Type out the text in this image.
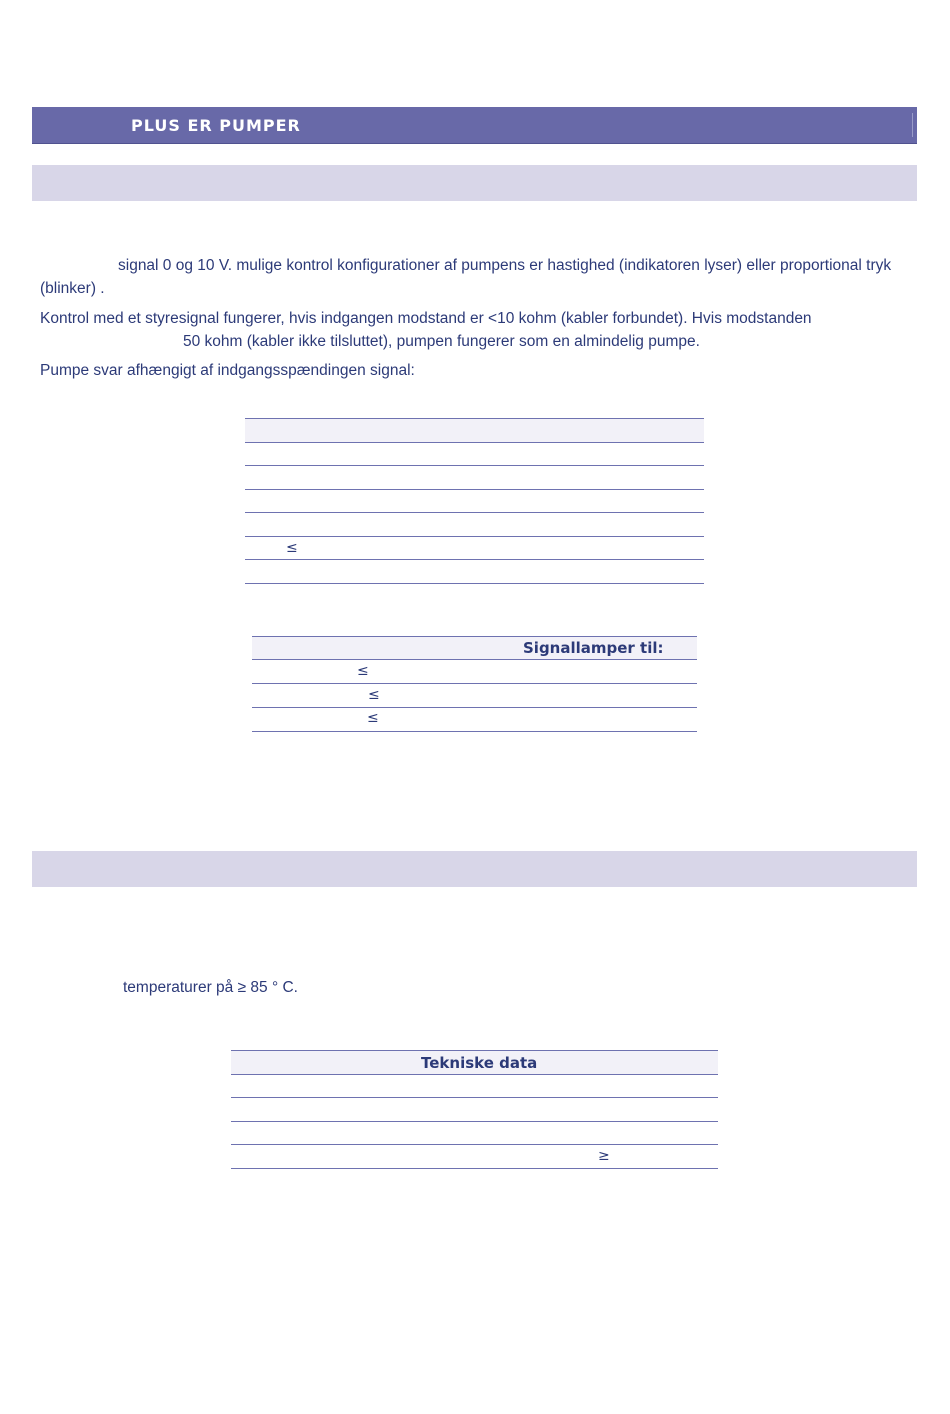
PLUS ER PUMPER
signal 0 og 10 V. mulige kontrol konfigurationer af pumpens er hastighed (indikatoren lyser) eller proportional tryk (blinker) .
Kontrol med et styresignal fungerer, hvis indgangen modstand er <10 kohm (kabler forbundet). Hvis modstanden
50 kohm (kabler ikke tilsluttet), pumpen fungerer som en almindelig pumpe.
Pumpe svar afhængigt af indgangsspændingen signal:
≤
Signallamper til:
≤
≤
≤
temperaturer på ≥ 85 ° C.
Tekniske data
≥
